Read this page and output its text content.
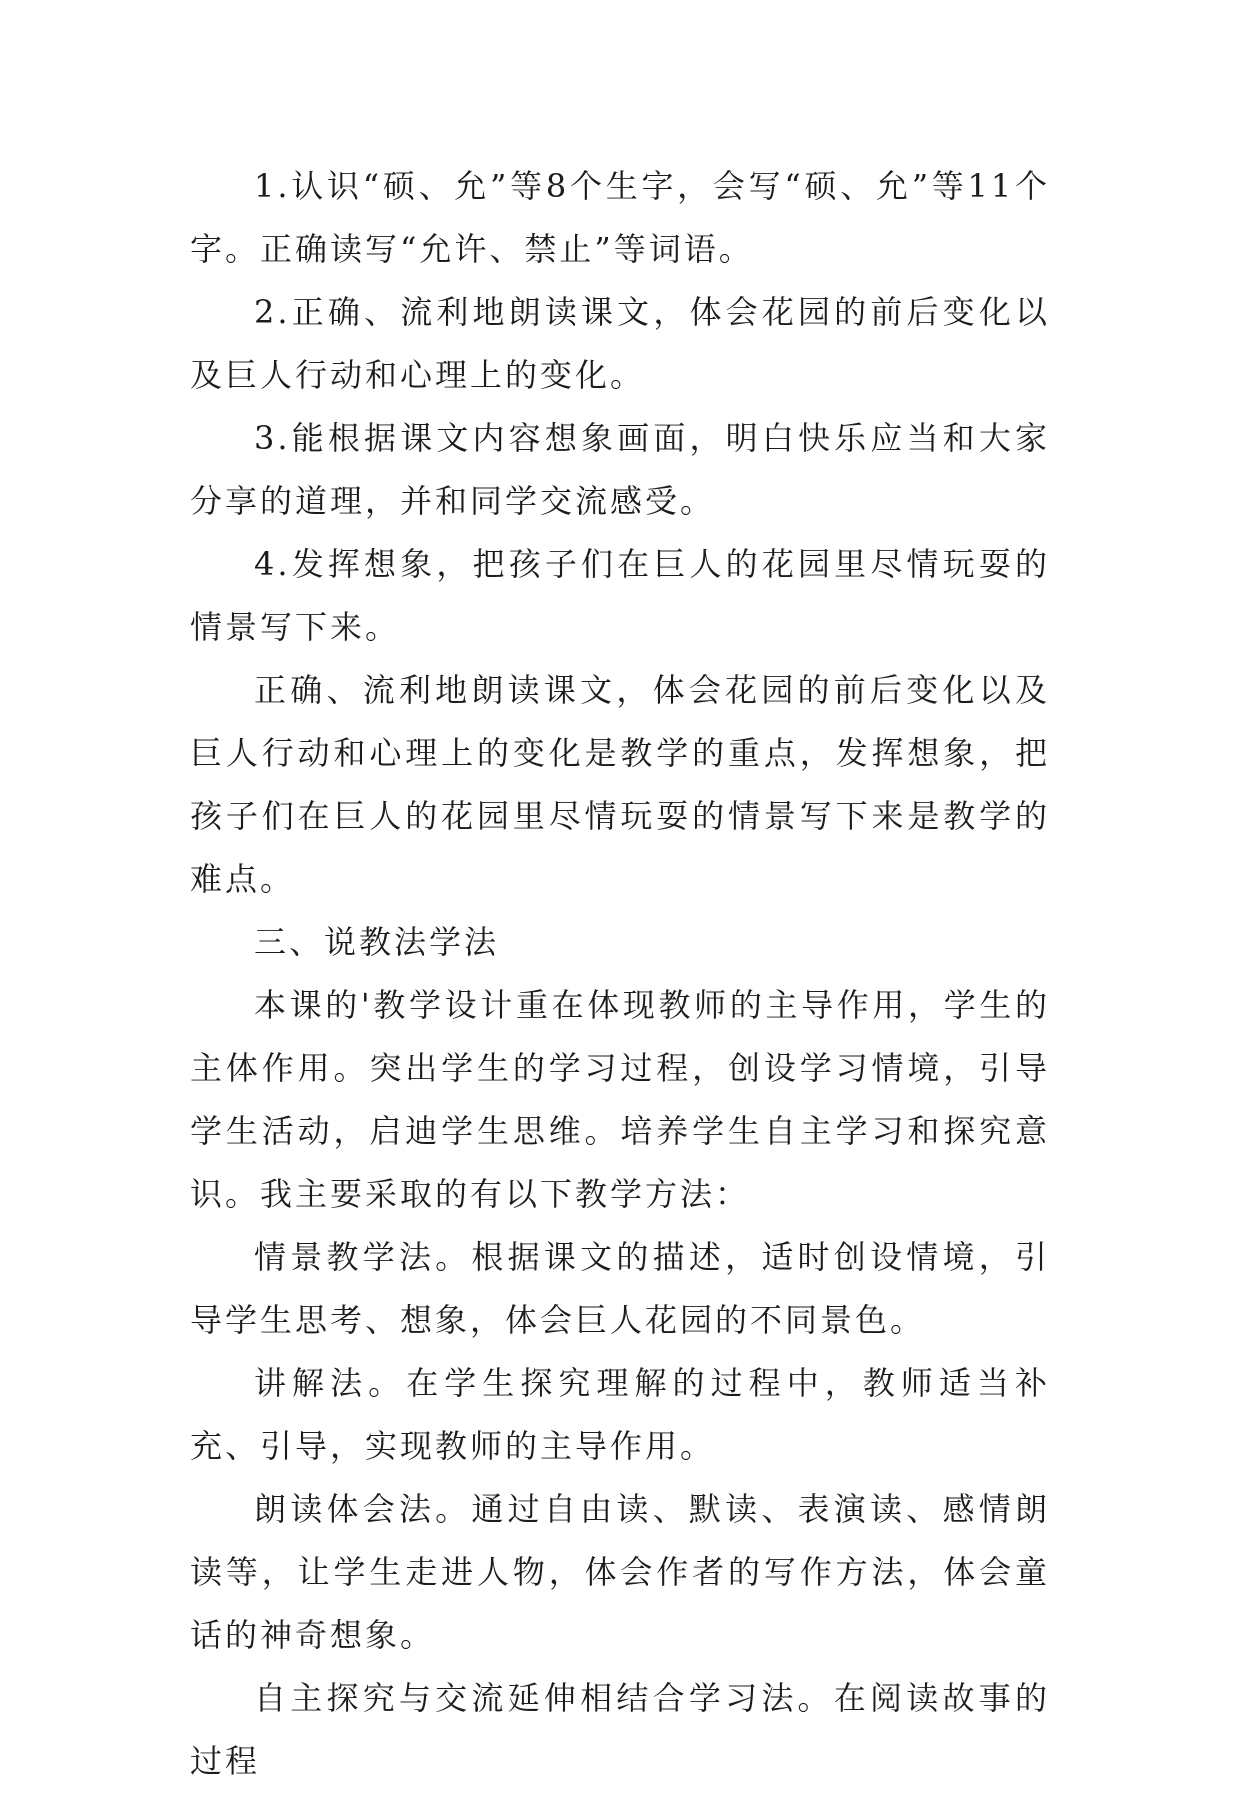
1.认识“硕、允”等8个生字，会写“硕、允”等11个字。正确读写“允许、禁止”等词语。

2.正确、流利地朗读课文，体会花园的前后变化以及巨人行动和心理上的变化。

3.能根据课文内容想象画面，明白快乐应当和大家分享的道理，并和同学交流感受。

4.发挥想象，把孩子们在巨人的花园里尽情玩耍的情景写下来。

正确、流利地朗读课文，体会花园的前后变化以及巨人行动和心理上的变化是教学的重点，发挥想象，把孩子们在巨人的花园里尽情玩耍的情景写下来是教学的难点。

三、说教法学法

本课的'教学设计重在体现教师的主导作用，学生的主体作用。突出学生的学习过程，创设学习情境，引导学生活动，启迪学生思维。培养学生自主学习和探究意识。我主要采取的有以下教学方法：

情景教学法。根据课文的描述，适时创设情境，引导学生思考、想象，体会巨人花园的不同景色。

讲解法。在学生探究理解的过程中，教师适当补充、引导，实现教师的主导作用。

朗读体会法。通过自由读、默读、表演读、感情朗读等，让学生走进人物，体会作者的写作方法，体会童话的神奇想象。

自主探究与交流延伸相结合学习法。在阅读故事的过程
